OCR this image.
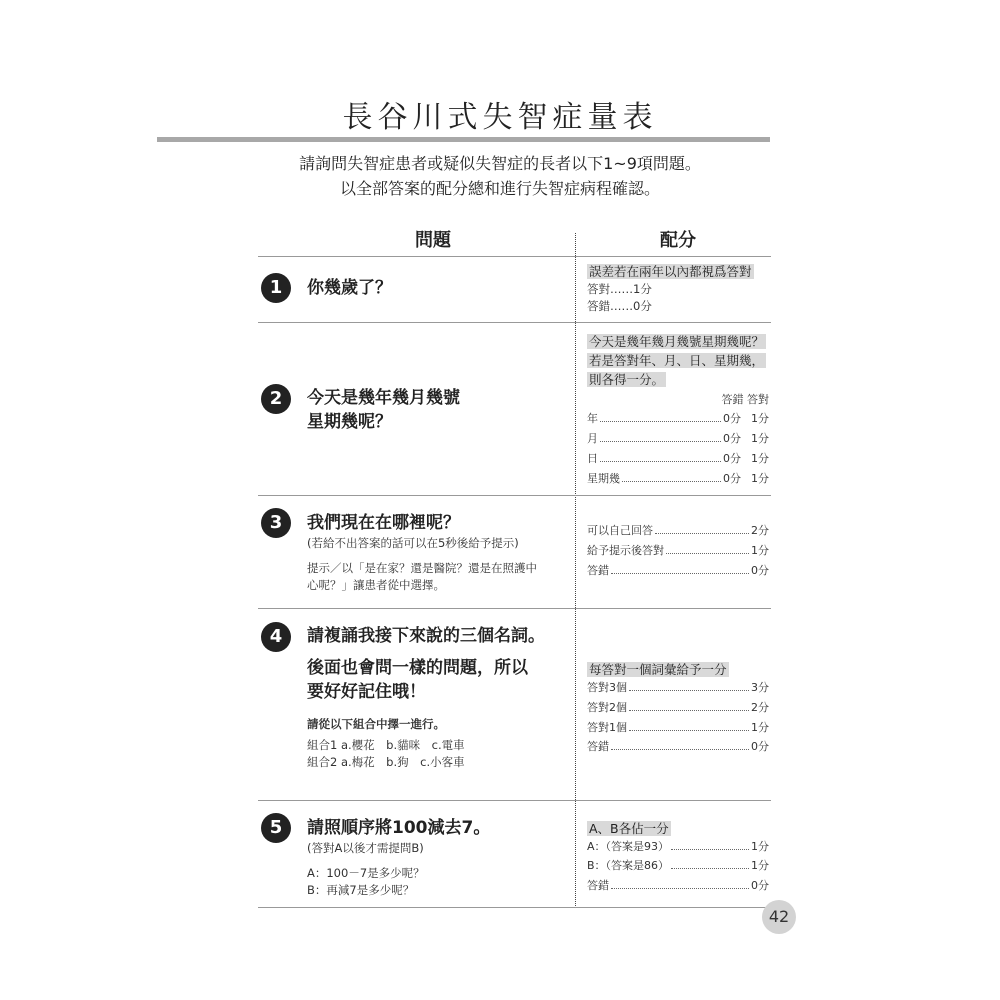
長谷川式失智症量表
請詢問失智症患者或疑似失智症的長者以下1~9項問題。
以全部答案的配分總和進行失智症病程確認。
問題	配分
1	你幾歲了？
誤差若在兩年以內都視爲答對
答對‥‥‥1分
答錯‥‥‥0分
2	今天是幾年幾月幾號
星期幾呢？
今天是幾年幾月幾號星期幾呢？
若是答對年、月、日、星期幾，
則各得一分。
答錯 答對
年	0分 1分
月	0分 1分
日	0分 1分
星期幾	0分 1分
3	我們現在在哪裡呢？
(若給不出答案的話可以在5秒後給予提示)
提示／以「是在家？還是醫院？還是在照護中
心呢？」讓患者從中選擇。
可以自己回答	2分
給予提示後答對	1分
答錯	0分
4	請複誦我接下來說的三個名詞。
後面也會問一樣的問題，所以
要好好記住哦！
請從以下組合中擇一進行。
組合1 a.櫻花　b.貓咪　c.電車
組合2 a.梅花　b.狗　c.小客車
每答對一個詞彙給予一分
答對3個	3分
答對2個	2分
答對1個	1分
答錯	0分
5	請照順序將100減去7。
(答對A以後才需提問B)
A：100－7是多少呢？
B：再減7是多少呢？
A、B各佔一分
A：（答案是93）	1分
B：（答案是86）	1分
答錯	0分
42
